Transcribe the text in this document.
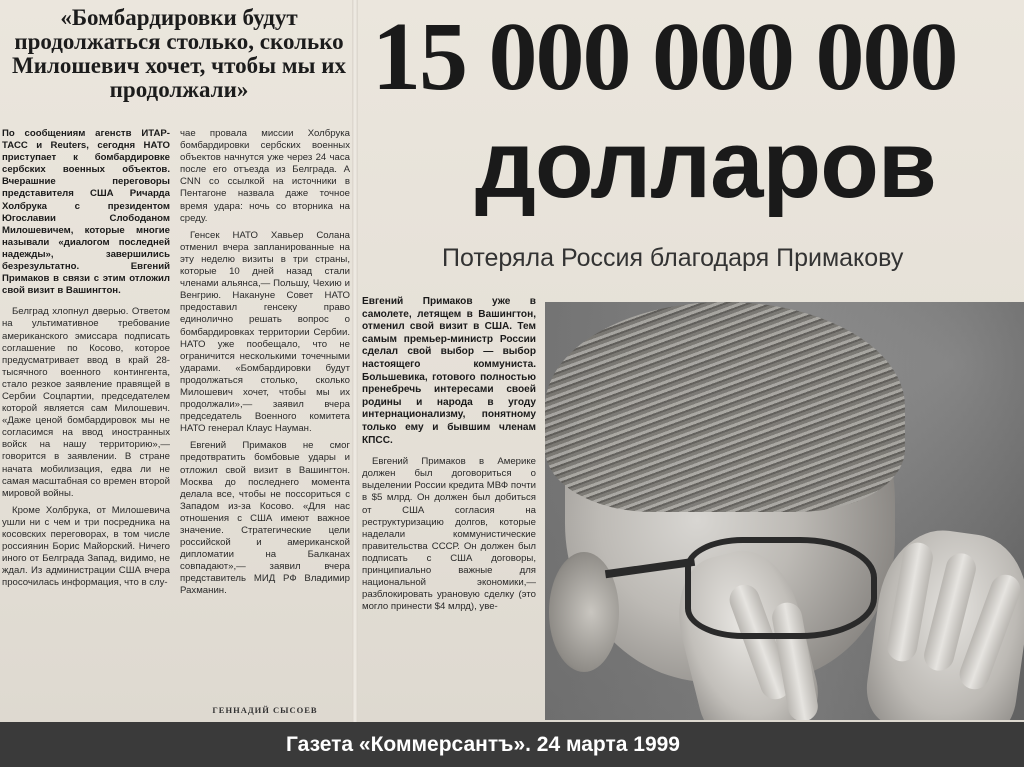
«Бомбардировки будут продолжаться столько, сколько Милошевич хочет, чтобы мы их продолжали»

По сообщениям агенств ИТАР-ТАСС и Reuters, сегодня НАТО приступает к бомбардировке сербских военных объектов. Вчерашние переговоры представителя США Ричарда Холбрука с президентом Югославии Слободаном Милошевичем, которые многие называли «диалогом последней надежды», завершились безрезультатно. Евгений Примаков в связи с этим отложил свой визит в Вашингтон.

Белград хлопнул дверью. Ответом на ультимативное требование американского эмиссара подписать соглашение по Косово, которое предусматривает ввод в край 28-тысячного военного контингента, стало резкое заявление правящей в Сербии Соцпартии, председателем которой является сам Милошевич. «Даже ценой бомбардировок мы не согласимся на ввод иностранных войск на нашу территорию»,— говорится в заявлении. В стране начата мобилизация, едва ли не самая масштабная со времен второй мировой войны.

Кроме Холбрука, от Милошевича ушли ни с чем и три посредника на косовских переговорах, в том числе россиянин Борис Майорский. Ничего иного от Белграда Запад, видимо, не ждал. Из администрации США вчера просочилась информация, что в слу-

чае провала миссии Холбрука бомбардировки сербских военных объектов начнутся уже через 24 часа после его отъезда из Белграда. А CNN со ссылкой на источники в Пентагоне назвала даже точное время удара: ночь со вторника на среду.

Генсек НАТО Хавьер Солана отменил вчера запланированные на эту неделю визиты в три страны, которые 10 дней назад стали членами альянса,— Польшу, Чехию и Венгрию. Накануне Совет НАТО предоставил генсеку право единолично решать вопрос о бомбардировках территории Сербии. НАТО уже пообещало, что не ограничится несколькими точечными ударами. «Бомбардировки будут продолжаться столько, сколько Милошевич хочет, чтобы мы их продолжали»,— заявил вчера председатель Военного комитета НАТО генерал Клаус Науман.

Евгений Примаков не смог предотвратить бомбовые удары и отложил свой визит в Вашингтон. Москва до последнего момента делала все, чтобы не поссориться с Западом из-за Косово. «Для нас отношения с США имеют важное значение. Стратегические цели российской и американской дипломатии на Балканах совпадают»,— заявил вчера представитель МИД РФ Владимир Рахманин.

ГЕННАДИЙ СЫСОЕВ
15 000 000 000
долларов
Потеряла Россия благодаря Примакову

Евгений Примаков уже в самолете, летящем в Вашингтон, отменил свой визит в США. Тем самым премьер-министр России сделал свой выбор — выбор настоящего коммуниста. Большевика, готового полностью пренебречь интересами своей родины и народа в угоду интернационализму, понятному только ему и бывшим членам КПСС.

Евгений Примаков в Америке должен был договориться о выделении России кредита МВФ почти в $5 млрд. Он должен был добиться от США согласия на реструктуризацию долгов, которые наделали коммунистические правительства СССР. Он должен был подписать с США договоры, принципиально важные для национальной экономики,— разблокировать урановую сделку (это могло принести $4 млрд), уве-

Газета «Коммерсантъ». 24 марта 1999
